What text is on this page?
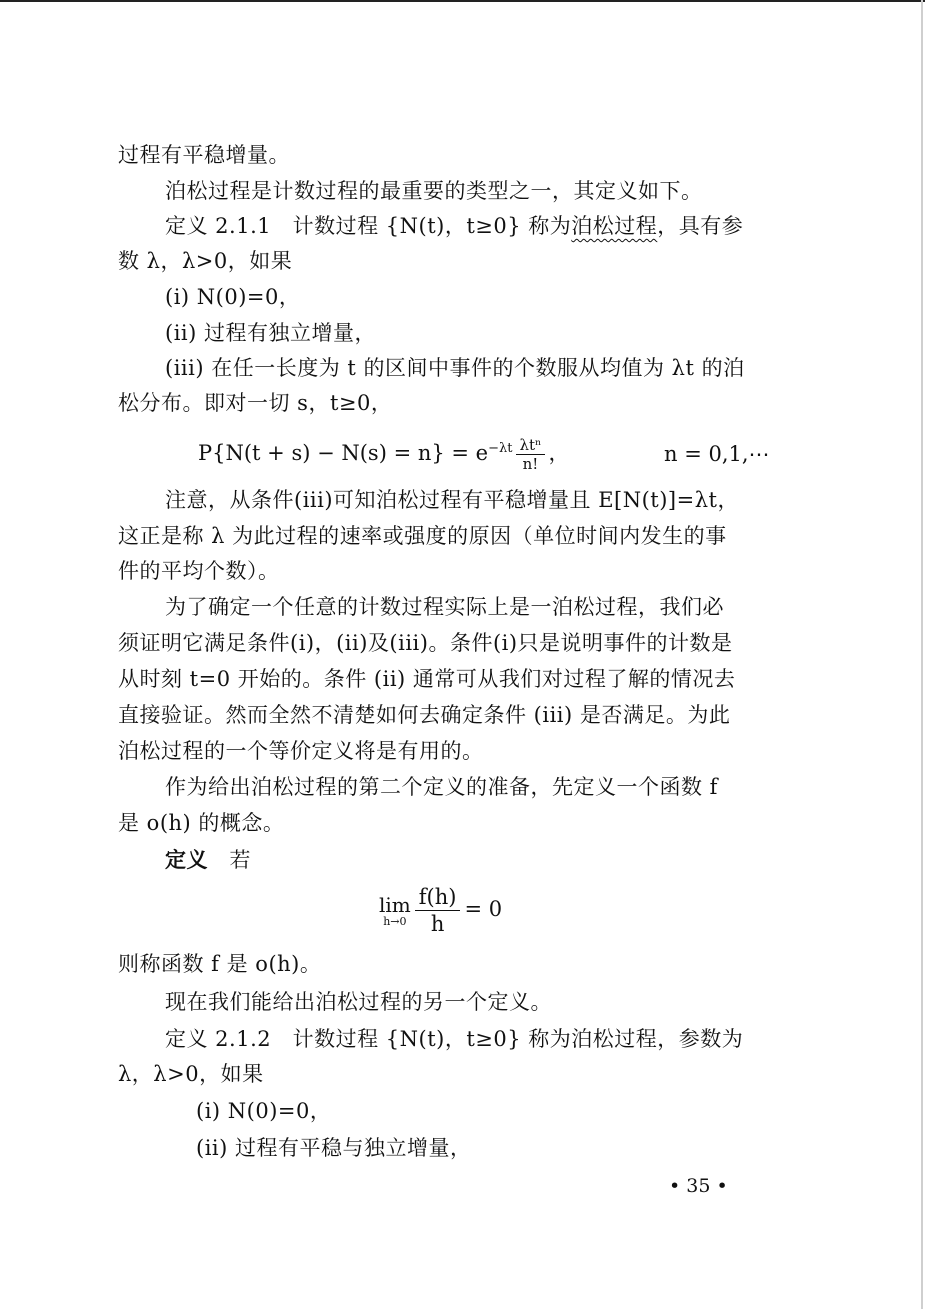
过程有平稳增量。
泊松过程是计数过程的最重要的类型之一，其定义如下。
定义 2.1.1　计数过程 {N(t)，t≥0} 称为泊松过程，具有参
数 λ，λ>0，如果
(i) N(0)=0，
(ii) 过程有独立增量，
(iii) 在任一长度为 t 的区间中事件的个数服从均值为 λt 的泊
松分布。即对一切 s，t≥0，
$P\{N(t + s) - N(s) = n\} = e^{-\lambda t} \frac{\text{λtⁿ}}{n!}$ ，	n = 0,1,⋯
注意，从条件(iii)可知泊松过程有平稳增量且 E[N(t)]=λt，
这正是称 λ 为此过程的速率或强度的原因（单位时间内发生的事
件的平均个数）。
为了确定一个任意的计数过程实际上是一泊松过程，我们必
须证明它满足条件(i)，(ii)及(iii)。条件(i)只是说明事件的计数是
从时刻 t=0 开始的。条件 (ii) 通常可从我们对过程了解的情况去
直接验证。然而全然不清楚如何去确定条件 (iii) 是否满足。为此
泊松过程的一个等价定义将是有用的。
作为给出泊松过程的第二个定义的准备，先定义一个函数 f
是 o(h) 的概念。
定义　 若
lim
$h\to 0 \frac{f(h)}{h} = 0$
则称函数 f 是 o(h)。
现在我们能给出泊松过程的另一个定义。
定义 2.1.2　计数过程 {N(t)，t≥0} 称为泊松过程，参数为
λ，λ>0，如果
(i) N(0)=0，
(ii) 过程有平稳与独立增量，
• 35 •
